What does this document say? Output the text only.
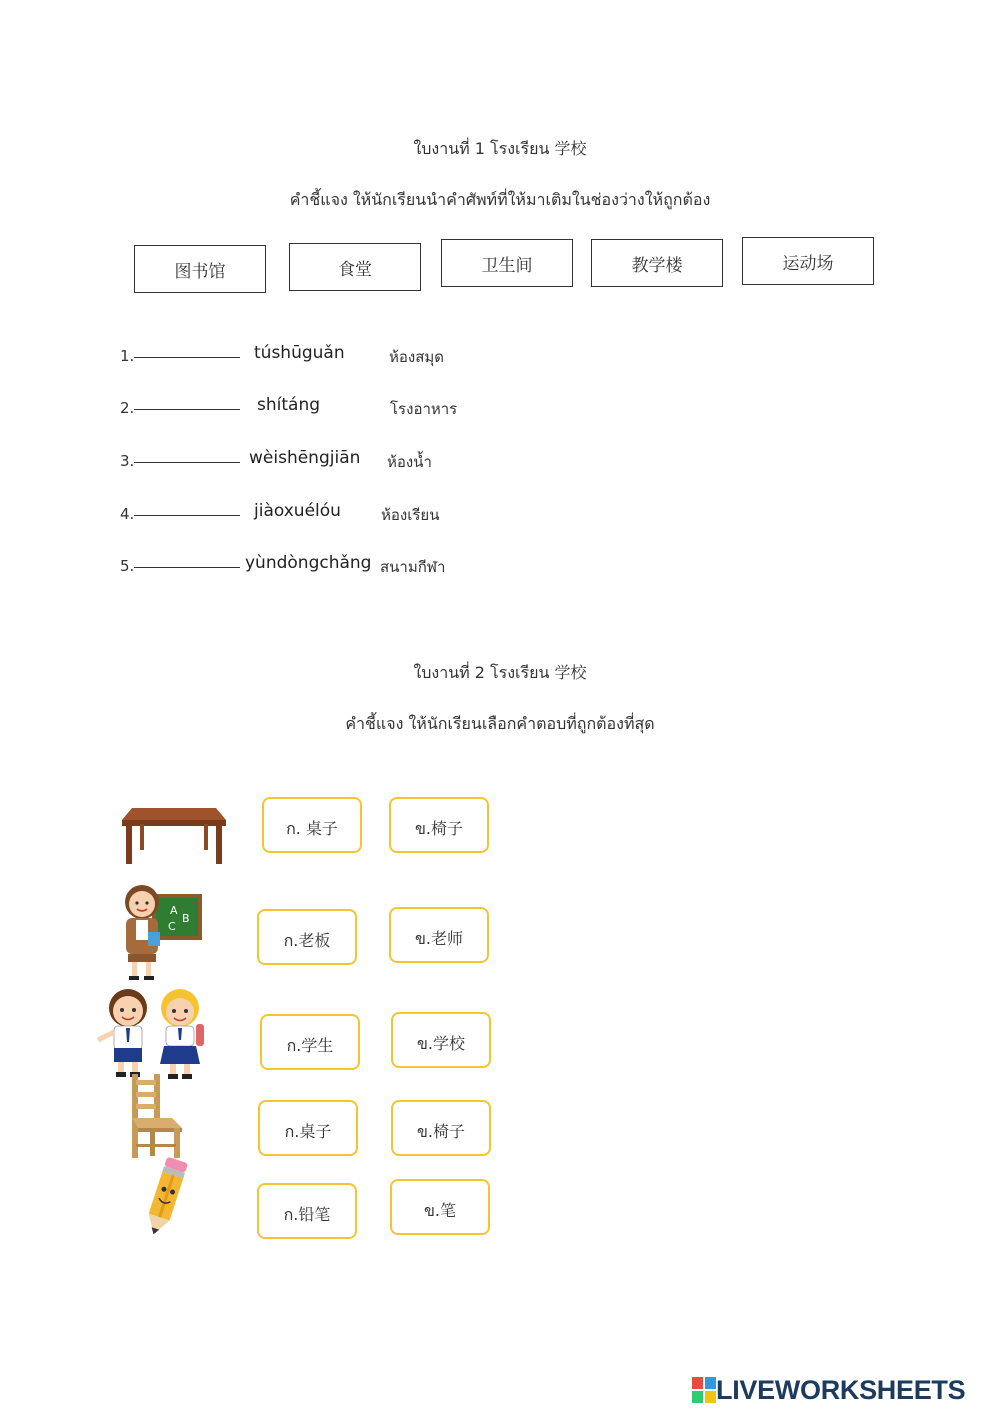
ใบงานที่ 1 โรงเรียน 学校
คำชี้แจง ให้นักเรียนนำคำศัพท์ที่ให้มาเติมในช่องว่างให้ถูกต้อง
图书馆	食堂	卫生间	教学楼	运动场
1.	túshūguǎn	ห้องสมุด
2.	shítáng	โรงอาหาร
3.	wèishēngjiān ห้องน้ำ
4.	jiàoxuélóu	ห้องเรียน
5.	yùndòngchǎng สนามกีฬา
ใบงานที่ 2 โรงเรียน 学校
คำชี้แจง ให้นักเรียนเลือกคำตอบที่ถูกต้องที่สุด
A
B
C
ก. 桌子	ข.椅子
ก.老板	ข.老师
ก.学生	ข.学校
ก.桌子	ข.椅子
ก.铅笔	ข.笔
LIVEWORKSHEETS
